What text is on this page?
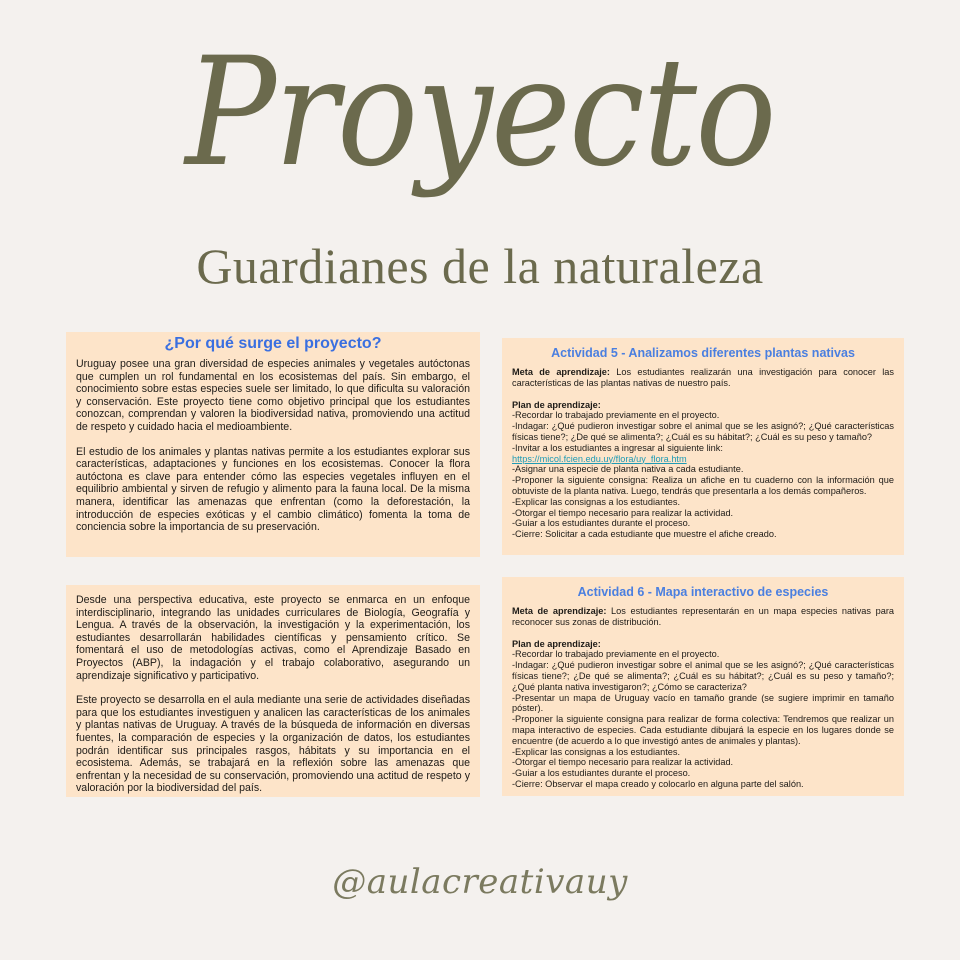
Proyecto
Guardianes de la naturaleza
¿Por qué surge el proyecto?

Uruguay posee una gran diversidad de especies animales y vegetales autóctonas que cumplen un rol fundamental en los ecosistemas del país. Sin embargo, el conocimiento sobre estas especies suele ser limitado, lo que dificulta su valoración y conservación. Este proyecto tiene como objetivo principal que los estudiantes conozcan, comprendan y valoren la biodiversidad nativa, promoviendo una actitud de respeto y cuidado hacia el medioambiente.

El estudio de los animales y plantas nativas permite a los estudiantes explorar sus características, adaptaciones y funciones en los ecosistemas. Conocer la flora autóctona es clave para entender cómo las especies vegetales influyen en el equilibrio ambiental y sirven de refugio y alimento para la fauna local. De la misma manera, identificar las amenazas que enfrentan (como la deforestación, la introducción de especies exóticas y el cambio climático) fomenta la toma de conciencia sobre la importancia de su preservación.

Desde una perspectiva educativa, este proyecto se enmarca en un enfoque interdisciplinario, integrando las unidades curriculares de Biología, Geografía y Lengua. A través de la observación, la investigación y la experimentación, los estudiantes desarrollarán habilidades científicas y pensamiento crítico. Se fomentará el uso de metodologías activas, como el Aprendizaje Basado en Proyectos (ABP), la indagación y el trabajo colaborativo, asegurando un aprendizaje significativo y participativo.

Este proyecto se desarrolla en el aula mediante una serie de actividades diseñadas para que los estudiantes investiguen y analicen las características de los animales y plantas nativas de Uruguay. A través de la búsqueda de información en diversas fuentes, la comparación de especies y la organización de datos, los estudiantes podrán identificar sus principales rasgos, hábitats y su importancia en el ecosistema. Además, se trabajará en la reflexión sobre las amenazas que enfrentan y la necesidad de su conservación, promoviendo una actitud de respeto y valoración por la biodiversidad del país.

Actividad 5 - Analizamos diferentes plantas nativas
Meta de aprendizaje: Los estudiantes realizarán una investigación para conocer las características de las plantas nativas de nuestro país.
Plan de aprendizaje:
-Recordar lo trabajado previamente en el proyecto.
-Indagar: ¿Qué pudieron investigar sobre el animal que se les asignó?; ¿Qué características físicas tiene?; ¿De qué se alimenta?; ¿Cuál es su hábitat?; ¿Cuál es su peso y tamaño?
-Invitar a los estudiantes a ingresar al siguiente link:
https://micol.fcien.edu.uy/flora/uy_flora.htm
-Asignar una especie de planta nativa a cada estudiante.
-Proponer la siguiente consigna: Realiza un afiche en tu cuaderno con la información que obtuviste de la planta nativa. Luego, tendrás que presentarla a los demás compañeros.
-Explicar las consignas a los estudiantes.
-Otorgar el tiempo necesario para realizar la actividad.
-Guiar a los estudiantes durante el proceso.
-Cierre: Solicitar a cada estudiante que muestre el afiche creado.
Actividad 6 - Mapa interactivo de especies
Meta de aprendizaje: Los estudiantes representarán en un mapa especies nativas para reconocer sus zonas de distribución.
Plan de aprendizaje:
-Recordar lo trabajado previamente en el proyecto.
-Indagar: ¿Qué pudieron investigar sobre el animal que se les asignó?; ¿Qué características físicas tiene?; ¿De qué se alimenta?; ¿Cuál es su hábitat?; ¿Cuál es su peso y tamaño?; ¿Qué planta nativa investigaron?; ¿Cómo se caracteriza?
-Presentar un mapa de Uruguay vacío en tamaño grande (se sugiere imprimir en tamaño póster).
-Proponer la siguiente consigna para realizar de forma colectiva: Tendremos que realizar un mapa interactivo de especies. Cada estudiante dibujará la especie en los lugares donde se encuentre (de acuerdo a lo que investigó antes de animales y plantas).
-Explicar las consignas a los estudiantes.
-Otorgar el tiempo necesario para realizar la actividad.
-Guiar a los estudiantes durante el proceso.
-Cierre: Observar el mapa creado y colocarlo en alguna parte del salón.
@aulacreativauy
